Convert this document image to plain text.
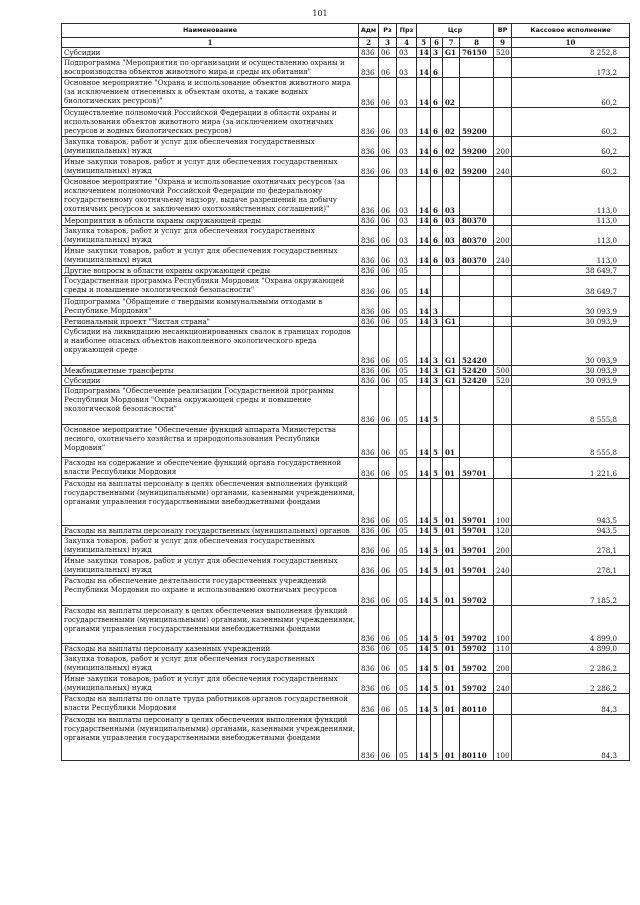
101
Наименование	Адм	Рз	Прз	Цср				ВР	Кассовое исполнение
1	2	3	4	5	6	7	8	9	10
Субсидии	836	06	03	14	3	G1	76150	520	8 252,8
Подпрограмма "Мероприятия по организации и осуществлению охраны и воспроизводства объектов животного мира и среды их обитания"	836	06	03	14	6				173,2
Основное мероприятие "Охрана и использование объектов животного мира (за исключением отнесенных к объектам охоты, а также водных биологических ресурсов)"	836	06	03	14	6	02			60,2
Осуществление полномочий Российской Федерации в области охраны и использования объектов животного мира (за исключением охотничьих ресурсов и водных биологических ресурсов)	836	06	03	14	6	02	59200		60,2
Закупка товаров, работ и услуг для обеспечения государственных (муниципальных) нужд	836	06	03	14	6	02	59200	200	60,2
Иные закупки товаров, работ и услуг для обеспечения государственных (муниципальных) нужд	836	06	03	14	6	02	59200	240	60,2
Основное мероприятие "Охрана и использование охотничьих ресурсов (за исключением полномочий Российской Федерации по федеральному государственному охотничьему надзору, выдаче разрешений на добычу охотничьих ресурсов и заключению охотхозяйственных соглашений)"	836	06	03	14	6	03			113,0
Мероприятия в области охраны окружающей среды	836	06	03	14	6	03	80370		113,0
Закупка товаров, работ и услуг для обеспечения государственных (муниципальных) нужд	836	06	03	14	6	03	80370	200	113,0
Иные закупки товаров, работ и услуг для обеспечения государственных (муниципальных) нужд	836	06	03	14	6	03	80370	240	113,0
Другие вопросы в области охраны окружающей среды	836	06	05						38 649,7
Государственная программа Республики Мордовия "Охрана окружающей среды и повышение экологической безопасности"	836	06	05	14					38 649,7
Подпрограмма "Обращение с твердыми коммунальными отходами в Республике Мордовия"	836	06	05	14	3				30 093,9
Региональный проект "Чистая страна"	836	06	05	14	3	G1			30 093,9
Субсидии на ликвидацию несанкционированных свалок в границах городов и наиболее опасных объектов накопленного экологического вреда окружающей среде	836	06	05	14	3	G1	52420		30 093,9
Межбюджетные трансферты	836	06	05	14	3	G1	52420	500	30 093,9
Субсидии	836	06	05	14	3	G1	52420	520	30 093,9
Подпрограмма "Обеспечение реализации Государственной программы Республики Мордовия "Охрана окружающей среды и повышение экологической безопасности"	836	06	05	14	5				8 555,8
Основное мероприятие "Обеспечение функций аппарата Министерства лесного, охотничьего хозяйства и природопользования Республики Мордовия"	836	06	05	14	5	01			8 555,8
Расходы на содержание и обеспечение функций органа государственной власти Республики Мордовия	836	06	05	14	5	01	59701		1 221,6
Расходы на выплаты персоналу в целях обеспечения выполнения функций государственными (муниципальными) органами, казенными учреждениями, органами управления государственными внебюджетными фондами	836	06	05	14	5	01	59701	100	943,5
Расходы на выплаты персоналу государственных (муниципальных) органов	836	06	05	14	5	01	59701	120	943,5
Закупка товаров, работ и услуг для обеспечения государственных (муниципальных) нужд	836	06	05	14	5	01	59701	200	278,1
Иные закупки товаров, работ и услуг для обеспечения государственных (муниципальных) нужд	836	06	05	14	5	01	59701	240	278,1
Расходы на обеспечение деятельности государственных учреждений Республики Мордовия по охране и использованию охотничьих ресурсов	836	06	05	14	5	01	59702		7 185,2
Расходы на выплаты персоналу в целях обеспечения выполнения функций государственными (муниципальными) органами, казенными учреждениями, органами управления государственными внебюджетными фондами	836	06	05	14	5	01	59702	100	4 899,0
Расходы на выплаты персоналу казенных учреждений	836	06	05	14	5	01	59702	110	4 899,0
Закупка товаров, работ и услуг для обеспечения государственных (муниципальных) нужд	836	06	05	14	5	01	59702	200	2 286,2
Иные закупки товаров, работ и услуг для обеспечения государственных (муниципальных) нужд	836	06	05	14	5	01	59702	240	2 286,2
Расходы на выплаты по оплате труда работников органов государственной власти Республики Мордовия	836	06	05	14	5	01	80110		84,3
Расходы на выплаты персоналу в целях обеспечения выполнения функций государственными (муниципальными) органами, казенными учреждениями, органами управления государственными внебюджетными фондами	836	06	05	14	5	01	80110	100	84,3
